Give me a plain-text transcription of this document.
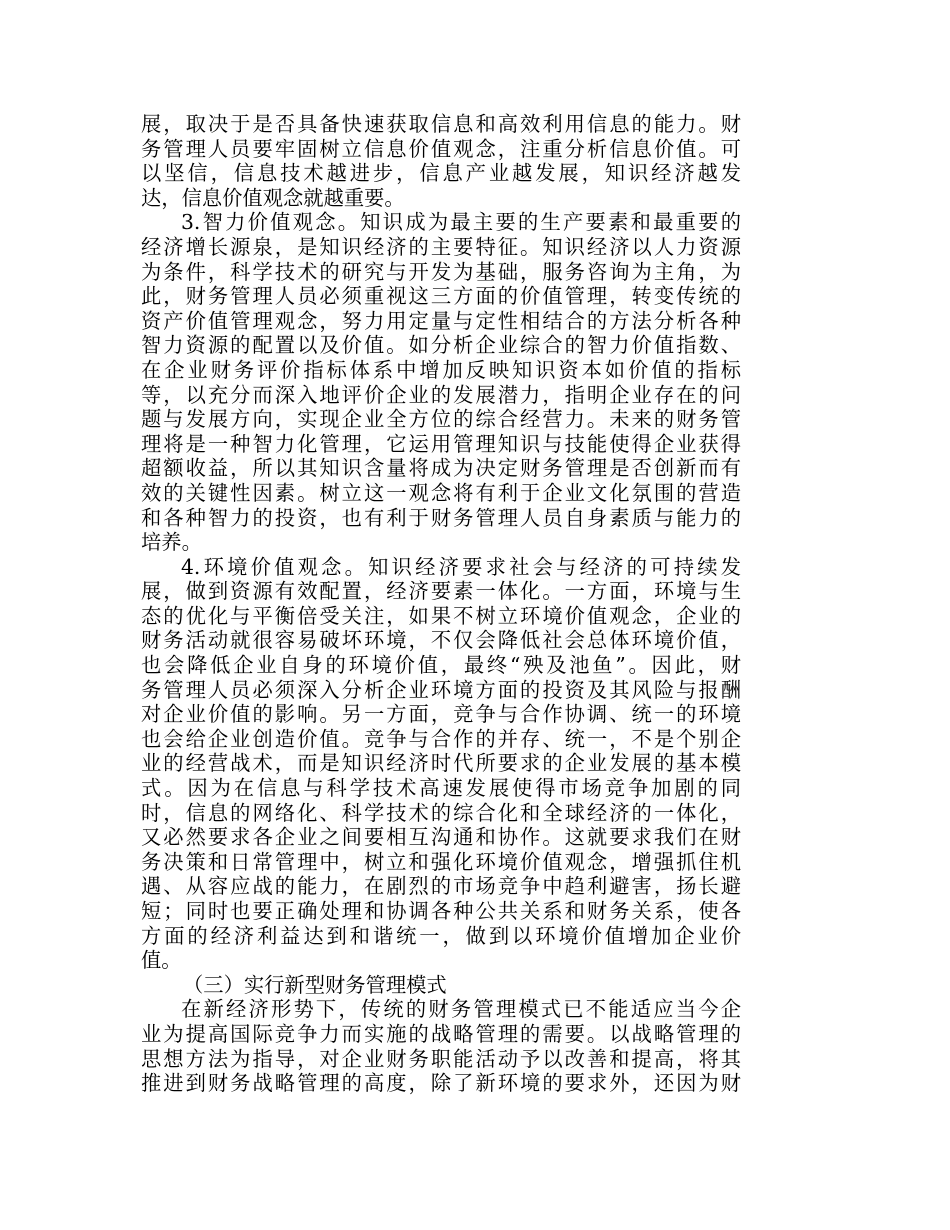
展，取决于是否具备快速获取信息和高效利用信息的能力。财
务管理人员要牢固树立信息价值观念，注重分析信息价值。可
以坚信，信息技术越进步，信息产业越发展，知识经济越发
达，信息价值观念就越重要。
3.智力价值观念。知识成为最主要的生产要素和最重要的
经济增长源泉，是知识经济的主要特征。知识经济以人力资源
为条件，科学技术的研究与开发为基础，服务咨询为主角，为
此，财务管理人员必须重视这三方面的价值管理，转变传统的
资产价值管理观念，努力用定量与定性相结合的方法分析各种
智力资源的配置以及价值。如分析企业综合的智力价值指数、
在企业财务评价指标体系中增加反映知识资本如价值的指标
等，以充分而深入地评价企业的发展潜力，指明企业存在的问
题与发展方向，实现企业全方位的综合经营力。未来的财务管
理将是一种智力化管理，它运用管理知识与技能使得企业获得
超额收益，所以其知识含量将成为决定财务管理是否创新而有
效的关键性因素。树立这一观念将有利于企业文化氛围的营造
和各种智力的投资，也有利于财务管理人员自身素质与能力的
培养。
4.环境价值观念。知识经济要求社会与经济的可持续发
展，做到资源有效配置，经济要素一体化。一方面，环境与生
态的优化与平衡倍受关注，如果不树立环境价值观念，企业的
财务活动就很容易破坏环境，不仅会降低社会总体环境价值，
也会降低企业自身的环境价值，最终“殃及池鱼”。因此，财
务管理人员必须深入分析企业环境方面的投资及其风险与报酬
对企业价值的影响。另一方面，竞争与合作协调、统一的环境
也会给企业创造价值。竞争与合作的并存、统一，不是个别企
业的经营战术，而是知识经济时代所要求的企业发展的基本模
式。因为在信息与科学技术高速发展使得市场竞争加剧的同
时，信息的网络化、科学技术的综合化和全球经济的一体化，
又必然要求各企业之间要相互沟通和协作。这就要求我们在财
务决策和日常管理中，树立和强化环境价值观念，增强抓住机
遇、从容应战的能力，在剧烈的市场竞争中趋利避害，扬长避
短；同时也要正确处理和协调各种公共关系和财务关系，使各
方面的经济利益达到和谐统一，做到以环境价值增加企业价
值。
（三）实行新型财务管理模式
在新经济形势下，传统的财务管理模式已不能适应当今企
业为提高国际竞争力而实施的战略管理的需要。以战略管理的
思想方法为指导，对企业财务职能活动予以改善和提高，将其
推进到财务战略管理的高度，除了新环境的要求外，还因为财
